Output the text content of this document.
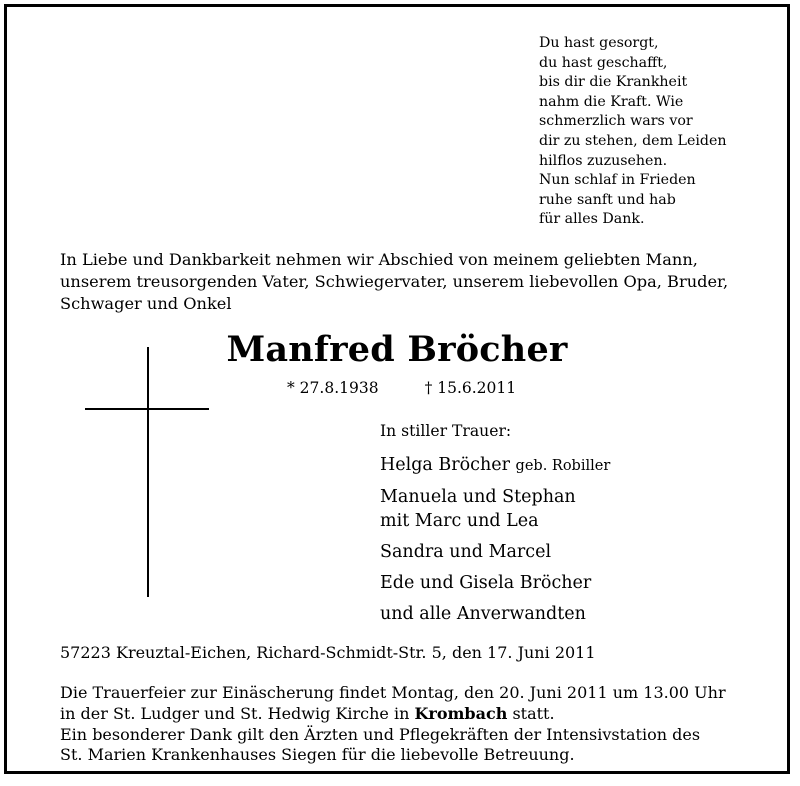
Du hast gesorgt,
du hast geschafft,
bis dir die Krankheit
nahm die Kraft. Wie
schmerzlich wars vor
dir zu stehen, dem Leiden
hilflos zuzusehen.
Nun schlaf in Frieden
ruhe sanft und hab
für alles Dank.
In Liebe und Dankbarkeit nehmen wir Abschied von meinem geliebten Mann,
unserem treusorgenden Vater, Schwiegervater, unserem liebevollen Opa, Bruder,
Schwager und Onkel
Manfred Bröcher
* 27.8.1938	† 15.6.2011
In stiller Trauer:
Helga Bröcher geb. Robiller
Manuela und Stephan
mit Marc und Lea
Sandra und Marcel
Ede und Gisela Bröcher
und alle Anverwandten
57223 Kreuztal-Eichen, Richard-Schmidt-Str. 5, den 17. Juni 2011
Die Trauerfeier zur Einäscherung findet Montag, den 20. Juni 2011 um 13.00 Uhr
in der St. Ludger und St. Hedwig Kirche in Krombach statt.
Ein besonderer Dank gilt den Ärzten und Pflegekräften der Intensivstation des
St. Marien Krankenhauses Siegen für die liebevolle Betreuung.
